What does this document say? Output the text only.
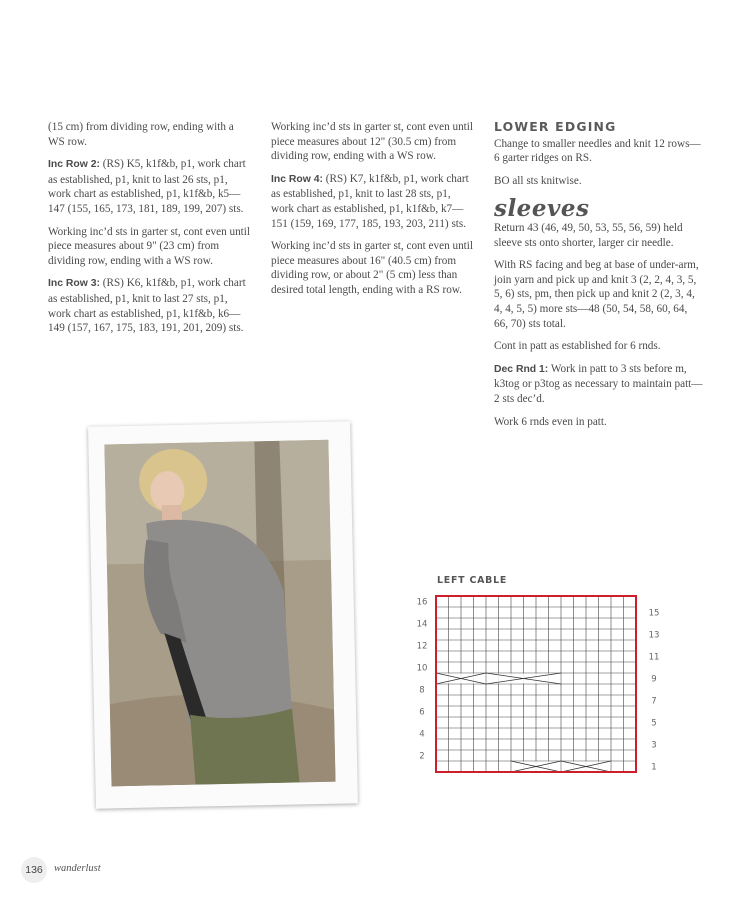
(15 cm) from dividing row, ending with a WS row.

Inc Row 2: (RS) K5, k1f&b, p1, work chart as established, p1, knit to last 26 sts, p1, work chart as established, p1, k1f&b, k5—147 (155, 165, 173, 181, 189, 199, 207) sts.

Working inc’d sts in garter st, cont even until piece measures about 9" (23 cm) from dividing row, ending with a WS row.

Inc Row 3: (RS) K6, k1f&b, p1, work chart as established, p1, knit to last 27 sts, p1, work chart as established, p1, k1f&b, k6—149 (157, 167, 175, 183, 191, 201, 209) sts.

Working inc’d sts in garter st, cont even until piece measures about 12" (30.5 cm) from dividing row, ending with a WS row.

Inc Row 4: (RS) K7, k1f&b, p1, work chart as established, p1, knit to last 28 sts, p1, work chart as established, p1, k1f&b, k7—151 (159, 169, 177, 185, 193, 203, 211) sts.

Working inc’d sts in garter st, cont even until piece measures about 16" (40.5 cm) from dividing row, or about 2" (5 cm) less than desired total length, ending with a RS row.

LOWER EDGING

Change to smaller needles and knit 12 rows—6 garter ridges on RS.

BO all sts knitwise.

sleeves

Return 43 (46, 49, 50, 53, 55, 56, 59) held sleeve sts onto shorter, larger cir needle.

With RS facing and beg at base of under-arm, join yarn and pick up and knit 3 (2, 2, 4, 3, 5, 5, 6) sts, pm, then pick up and knit 2 (2, 3, 4, 4, 4, 5, 5) more sts—48 (50, 54, 58, 60, 64, 66, 70) sts total.

Cont in patt as established for 6 rnds.

Dec Rnd 1: Work in patt to 3 sts before m, k3tog or p3tog as necessary to maintain patt—2 sts dec’d.

Work 6 rnds even in patt.

LEFT CABLE
2
4
6
8
10
12
14
16
1
3
5
7
9
11
13
15
136	wanderlust
